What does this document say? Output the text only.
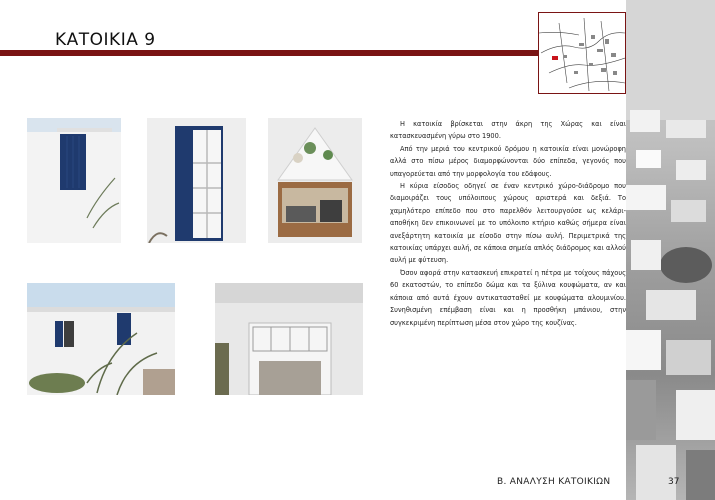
ΚΑΤΟΙΚΙΑ 9

Η κατοικία βρίσκεται στην άκρη της Χώρας και είναι κατασκευασμένη γύρω στο 1900.

Από την μεριά του κεντρικού δρόμου η κατοικία είναι μονώροφη αλλά στο πίσω μέρος διαμορφώνονται δύο επίπεδα, γεγονός που υπαγορεύεται από την μορφολογία του εδάφους.

Η κύρια είσοδος οδηγεί σε έναν κεντρικό χώρο-διάδρομο που διαμοιράζει τους υπόλοιπους χώρους αριστερά και δεξιά. Το χαμηλότερο επίπεδο που στο παρελθόν λειτουργούσε ως κελάρι-αποθήκη δεν επικοινωνεί με το υπόλοιπο κτήριο καθώς σήμερα είναι ανεξάρτητη κατοικία με είσοδο στην πίσω αυλή. Περιμετρικά της κατοικίας υπάρχει αυλή, σε κάποια σημεία απλός διάδρομος και αλλού αυλή με φύτευση.

Όσον αφορά στην κατασκευή επικρατεί η πέτρα με τοίχους πάχους 60 εκατοστών, το επίπεδο δώμα και τα ξύλινα κουφώματα, αν και κάποια από αυτά έχουν αντικατασταθεί με κουφώματα αλουμινίου. Συνηθισμένη επέμβαση είναι και η προσθήκη μπάνιου, στην συγκεκριμένη περίπτωση μέσα στον χώρο της κουζίνας.

Β. ΑΝΑΛΥΣΗ ΚΑΤΟΙΚΙΩΝ	37
